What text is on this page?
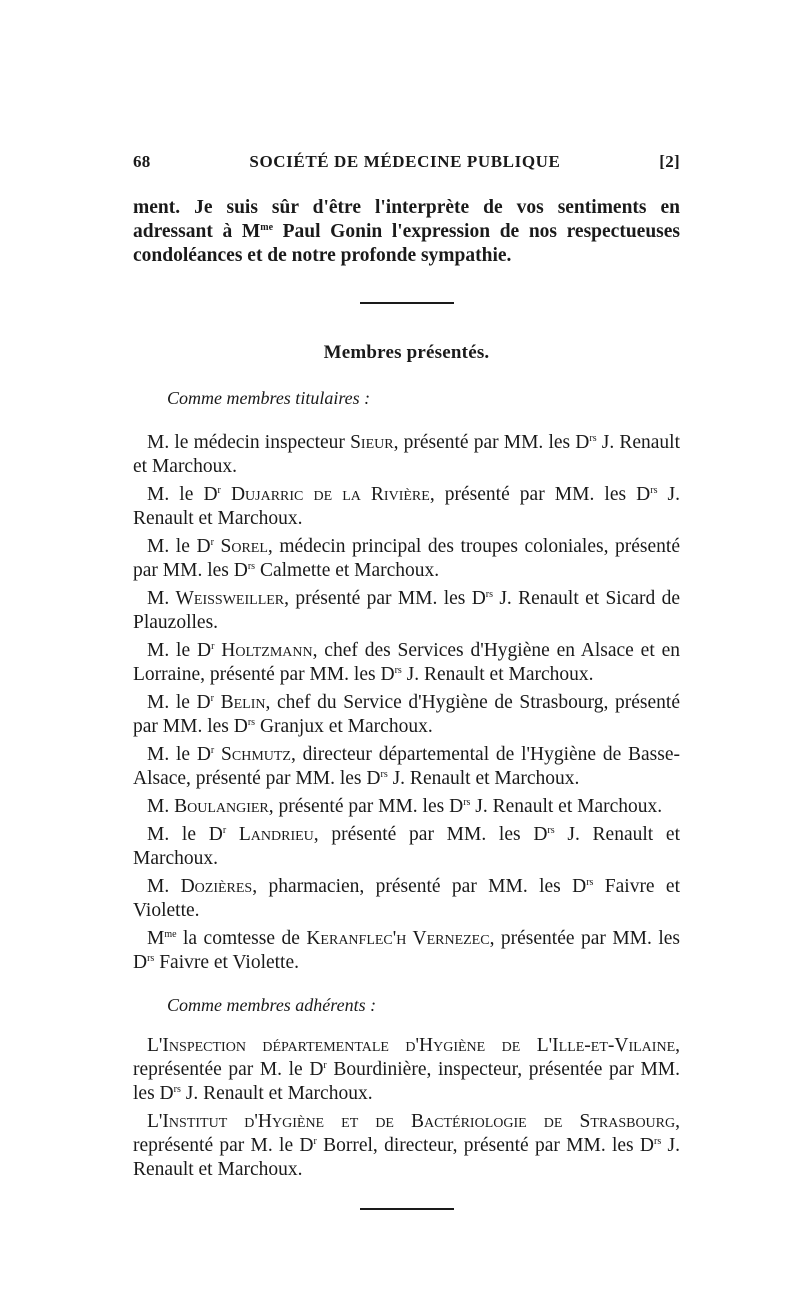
68	SOCIÉTÉ DE MÉDECINE PUBLIQUE	[2]

ment. Je suis sûr d'être l'interprète de vos sentiments en adressant à $M^{me}$ Paul Gonin l'expression de nos respectueuses condoléances et de notre profonde sympathie.

Membres présentés.
Comme membres titulaires :

M. le médecin inspecteur Sieur, présenté par MM. les $D^{rs}$ J. Renault et Marchoux.

M. le $D^r$ Dujarric de la Rivière, présenté par MM. les $D^{rs}$ J. Renault et Marchoux.

M. le $D^r$ Sorel, médecin principal des troupes coloniales, présenté par MM. les $D^{rs}$ Calmette et Marchoux.

M. Weissweiller, présenté par MM. les $D^{rs}$ J. Renault et Sicard de Plauzolles.

M. le $D^r$ Holtzmann, chef des Services d'Hygiène en Alsace et en Lorraine, présenté par MM. les $D^{rs}$ J. Renault et Marchoux.

M. le $D^r$ Belin, chef du Service d'Hygiène de Strasbourg, présenté par MM. les $D^{rs}$ Granjux et Marchoux.

M. le $D^r$ Schmutz, directeur départemental de l'Hygiène de Basse-Alsace, présenté par MM. les $D^{rs}$ J. Renault et Marchoux.

M. Boulangier, présenté par MM. les $D^{rs}$ J. Renault et Marchoux.

M. le $D^r$ Landrieu, présenté par MM. les $D^{rs}$ J. Renault et Marchoux.

M. Dozières, pharmacien, présenté par MM. les $D^{rs}$ Faivre et Violette.

$M^{me}$ la comtesse de Keranflec'h Vernezec, présentée par MM. les $D^{rs}$ Faivre et Violette.

Comme membres adhérents :

L'Inspection départementale d'Hygiène de L'Ille-et-Vilaine, représentée par M. le $D^r$ Bourdinière, inspecteur, présentée par MM. les $D^{rs}$ J. Renault et Marchoux.

L'Institut d'Hygiène et de Bactériologie de Strasbourg, représenté par M. le $D^r$ Borrel, directeur, présenté par MM. les $D^{rs}$ J. Renault et Marchoux.
